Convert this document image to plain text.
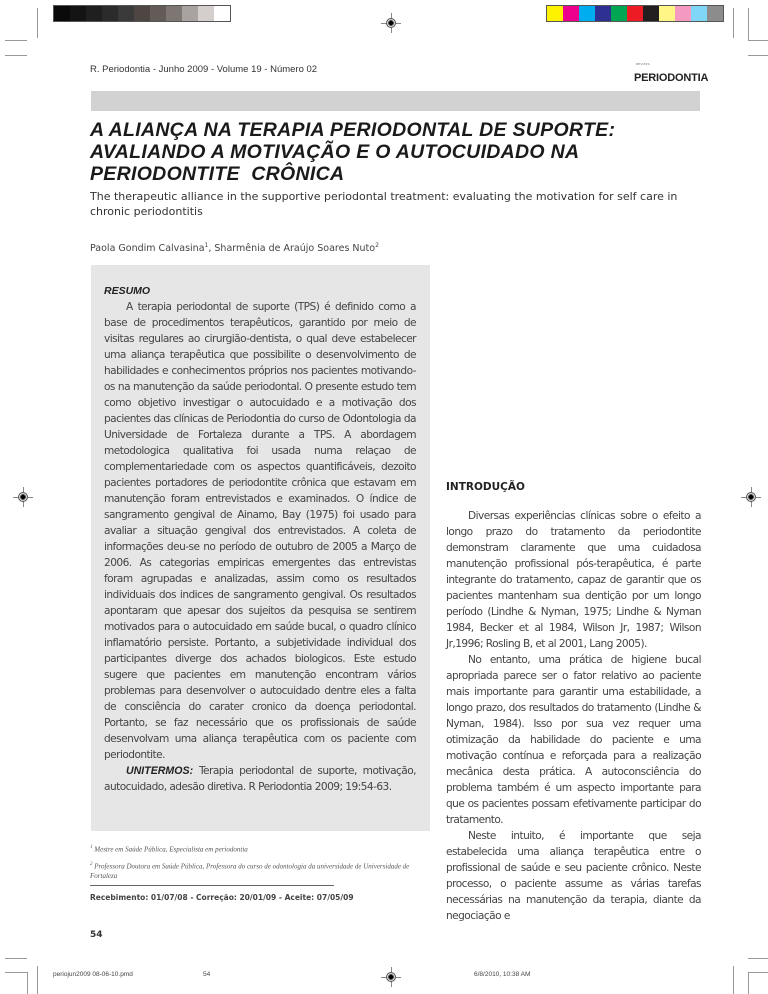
R. Periodontia - Junho 2009 - Volume 19 - Número 02	REVISTA
PERIODONTIA
A ALIANÇA NA TERAPIA PERIODONTAL DE SUPORTE:
AVALIANDO A MOTIVAÇÃO E O AUTOCUIDADO NA
PERIODONTITE  CRÔNICA
The therapeutic alliance in the supportive periodontal treatment: evaluating the motivation for self care in chronic periodontitis
Paola Gondim Calvasina$^1$, Sharmênia de Araújo Soares Nuto$^2$
RESUMO

A terapia periodontal de suporte (TPS) é definido como a base de procedimentos terapêuticos, garantido por meio de visitas regulares ao cirurgião-dentista, o qual deve estabelecer uma aliança terapêutica que possibilite o desenvolvimento de habilidades e conhecimentos próprios nos pacientes motivando-os na manutenção da saúde periodontal. O presente estudo tem como objetivo investigar o autocuidado e a motivação dos pacientes das clínicas de Periodontia do curso de Odontologia da Universidade de Fortaleza durante a TPS. A abordagem metodologica qualitativa foi usada numa relaçao de complementariedade com os aspectos quantificáveis, dezoito pacientes portadores de periodontite crônica que estavam em manutenção foram entrevistados e examinados. O índice de sangramento gengival de Ainamo, Bay (1975) foi usado para avaliar a situação gengival dos entrevistados. A coleta de informações deu-se no período de outubro de 2005 a Março de 2006. As categorias empiricas emergentes das entrevistas foram agrupadas e analizadas, assim como os resultados individuais dos indices de sangramento gengival. Os resultados apontaram que apesar dos sujeitos da pesquisa se sentirem motivados para o autocuidado em saúde bucal, o quadro clínico inflamatório persiste. Portanto, a subjetividade individual dos participantes diverge dos achados biologicos. Este estudo sugere que pacientes em manutenção encontram vários problemas para desenvolver o autocuidado dentre eles a falta de consciência do carater cronico da doença periodontal. Portanto, se faz necessário que os profissionais de saúde desenvolvam uma aliança terapêutica com os paciente com periodontite.

UNITERMOS: Terapia periodontal de suporte, motivação, autocuidado, adesão diretiva. R Periodontia 2009; 19:54-63.

$^1$ Mestre em Saúde Pública, Especialista em periodontia
$^2$ Professora Doutora em Saúde Pública, Professora do curso de odontologia da universidade de Universidade de Fortaleza
Recebimento: 01/07/08 - Correção: 20/01/09 - Aceite: 07/05/09
54
INTRODUÇÃO

Diversas experiências clínicas sobre o efeito a longo prazo do tratamento da periodontite demonstram claramente que uma cuidadosa manutenção profissional pós-terapêutica, é parte integrante do tratamento, capaz de garantir que os pacientes mantenham sua dentição por um longo período (Lindhe & Nyman, 1975; Lindhe & Nyman 1984, Becker et al 1984, Wilson Jr, 1987; Wilson Jr,1996; Rosling B, et al 2001, Lang 2005).

No entanto, uma prática de higiene bucal apropriada parece ser o fator relativo ao paciente mais importante para garantir uma estabilidade, a longo prazo, dos resultados do tratamento (Lindhe & Nyman, 1984). Isso por sua vez requer uma otimização da habilidade do paciente e uma motivação contínua e reforçada para a realização mecânica desta prática. A autoconsciência do problema também é um aspecto importante para que os pacientes possam efetivamente participar do tratamento.

Neste intuito, é importante que seja estabelecida uma aliança terapêutica entre o profissional de saúde e seu paciente crônico. Neste processo, o paciente assume as várias tarefas necessárias na manutenção da terapia, diante da negociação e

periojun2009 08-06-10.pmd	54	6/8/2010, 10:38 AM
